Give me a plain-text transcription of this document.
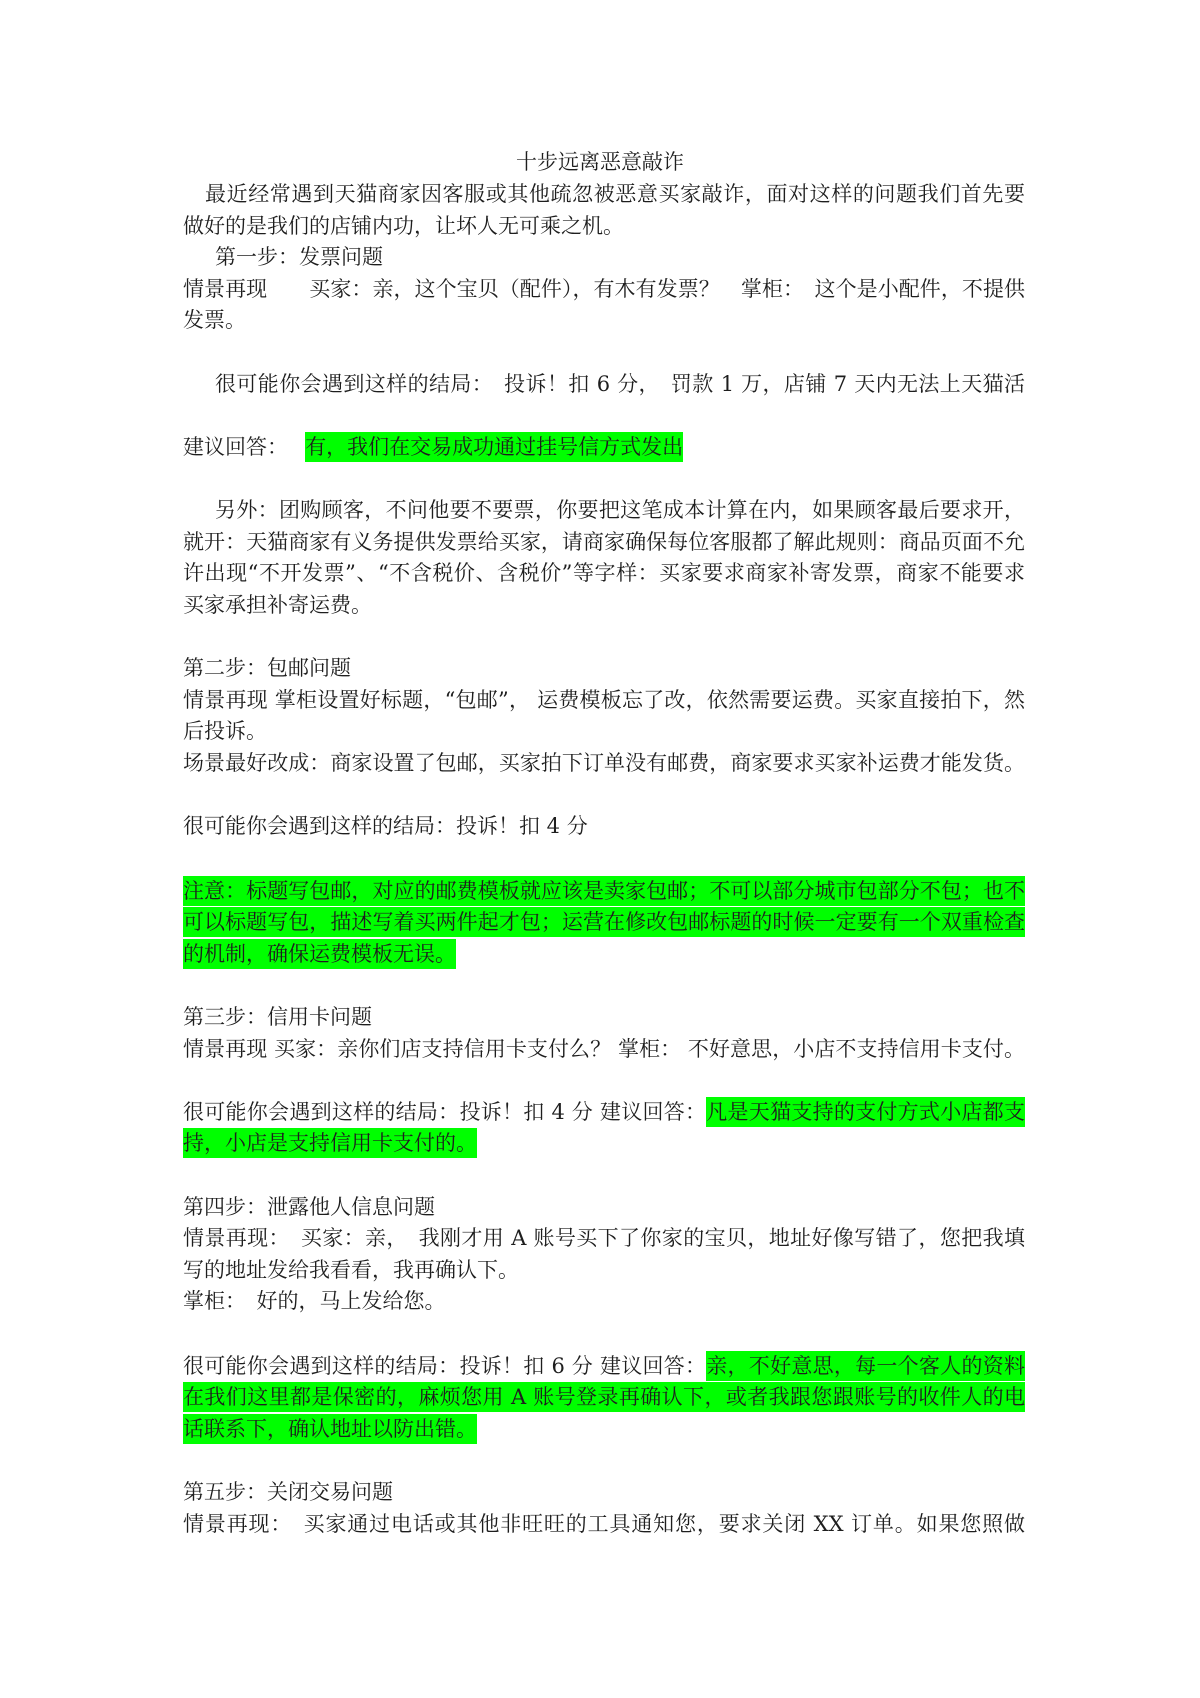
十步远离恶意敲诈
最近经常遇到天猫商家因客服或其他疏忽被恶意买家敲诈，面对这样的问题我们首先要
做好的是我们的店铺内功，让坏人无可乘之机。
第一步：发票问题
情景再现　　买家：亲，这个宝贝（配件），有木有发票？　掌柜：　这个是小配件，不提供
发票。
很可能你会遇到这样的结局：　投诉！扣 6 分，　罚款 1 万，店铺 7 天内无法上天猫活
建议回答：　 有，我们在交易成功通过挂号信方式发出
另外：团购顾客，不问他要不要票，你要把这笔成本计算在内，如果顾客最后要求开，
就开：天猫商家有义务提供发票给买家，请商家确保每位客服都了解此规则：商品页面不允
许出现“不开发票”、“不含税价、含税价”等字样：买家要求商家补寄发票，商家不能要求
买家承担补寄运费。
第二步：包邮问题
情景再现 掌柜设置好标题，“包邮”， 运费模板忘了改，依然需要运费。买家直接拍下，然
后投诉。
场景最好改成：商家设置了包邮，买家拍下订单没有邮费，商家要求买家补运费才能发货。
很可能你会遇到这样的结局：投诉！扣 4 分
注意：标题写包邮，对应的邮费模板就应该是卖家包邮；不可以部分城市包部分不包；也不
可以标题写包，描述写着买两件起才包；运营在修改包邮标题的时候一定要有一个双重检查
的机制，确保运费模板无误。
第三步：信用卡问题
情景再现 买家：亲你们店支持信用卡支付么？ 掌柜： 不好意思，小店不支持信用卡支付。
很可能你会遇到这样的结局：投诉！扣 4 分 建议回答：凡是天猫支持的支付方式小店都支
持，小店是支持信用卡支付的。
第四步：泄露他人信息问题
情景再现：　买家：亲，　我刚才用 A 账号买下了你家的宝贝，地址好像写错了，您把我填
写的地址发给我看看，我再确认下。
掌柜：　好的，马上发给您。
很可能你会遇到这样的结局：投诉！扣 6 分 建议回答：亲，不好意思，每一个客人的资料
在我们这里都是保密的，麻烦您用 A 账号登录再确认下，或者我跟您跟账号的收件人的电
话联系下，确认地址以防出错。
第五步：关闭交易问题
情景再现：　买家通过电话或其他非旺旺的工具通知您，要求关闭 XX 订单。如果您照做
